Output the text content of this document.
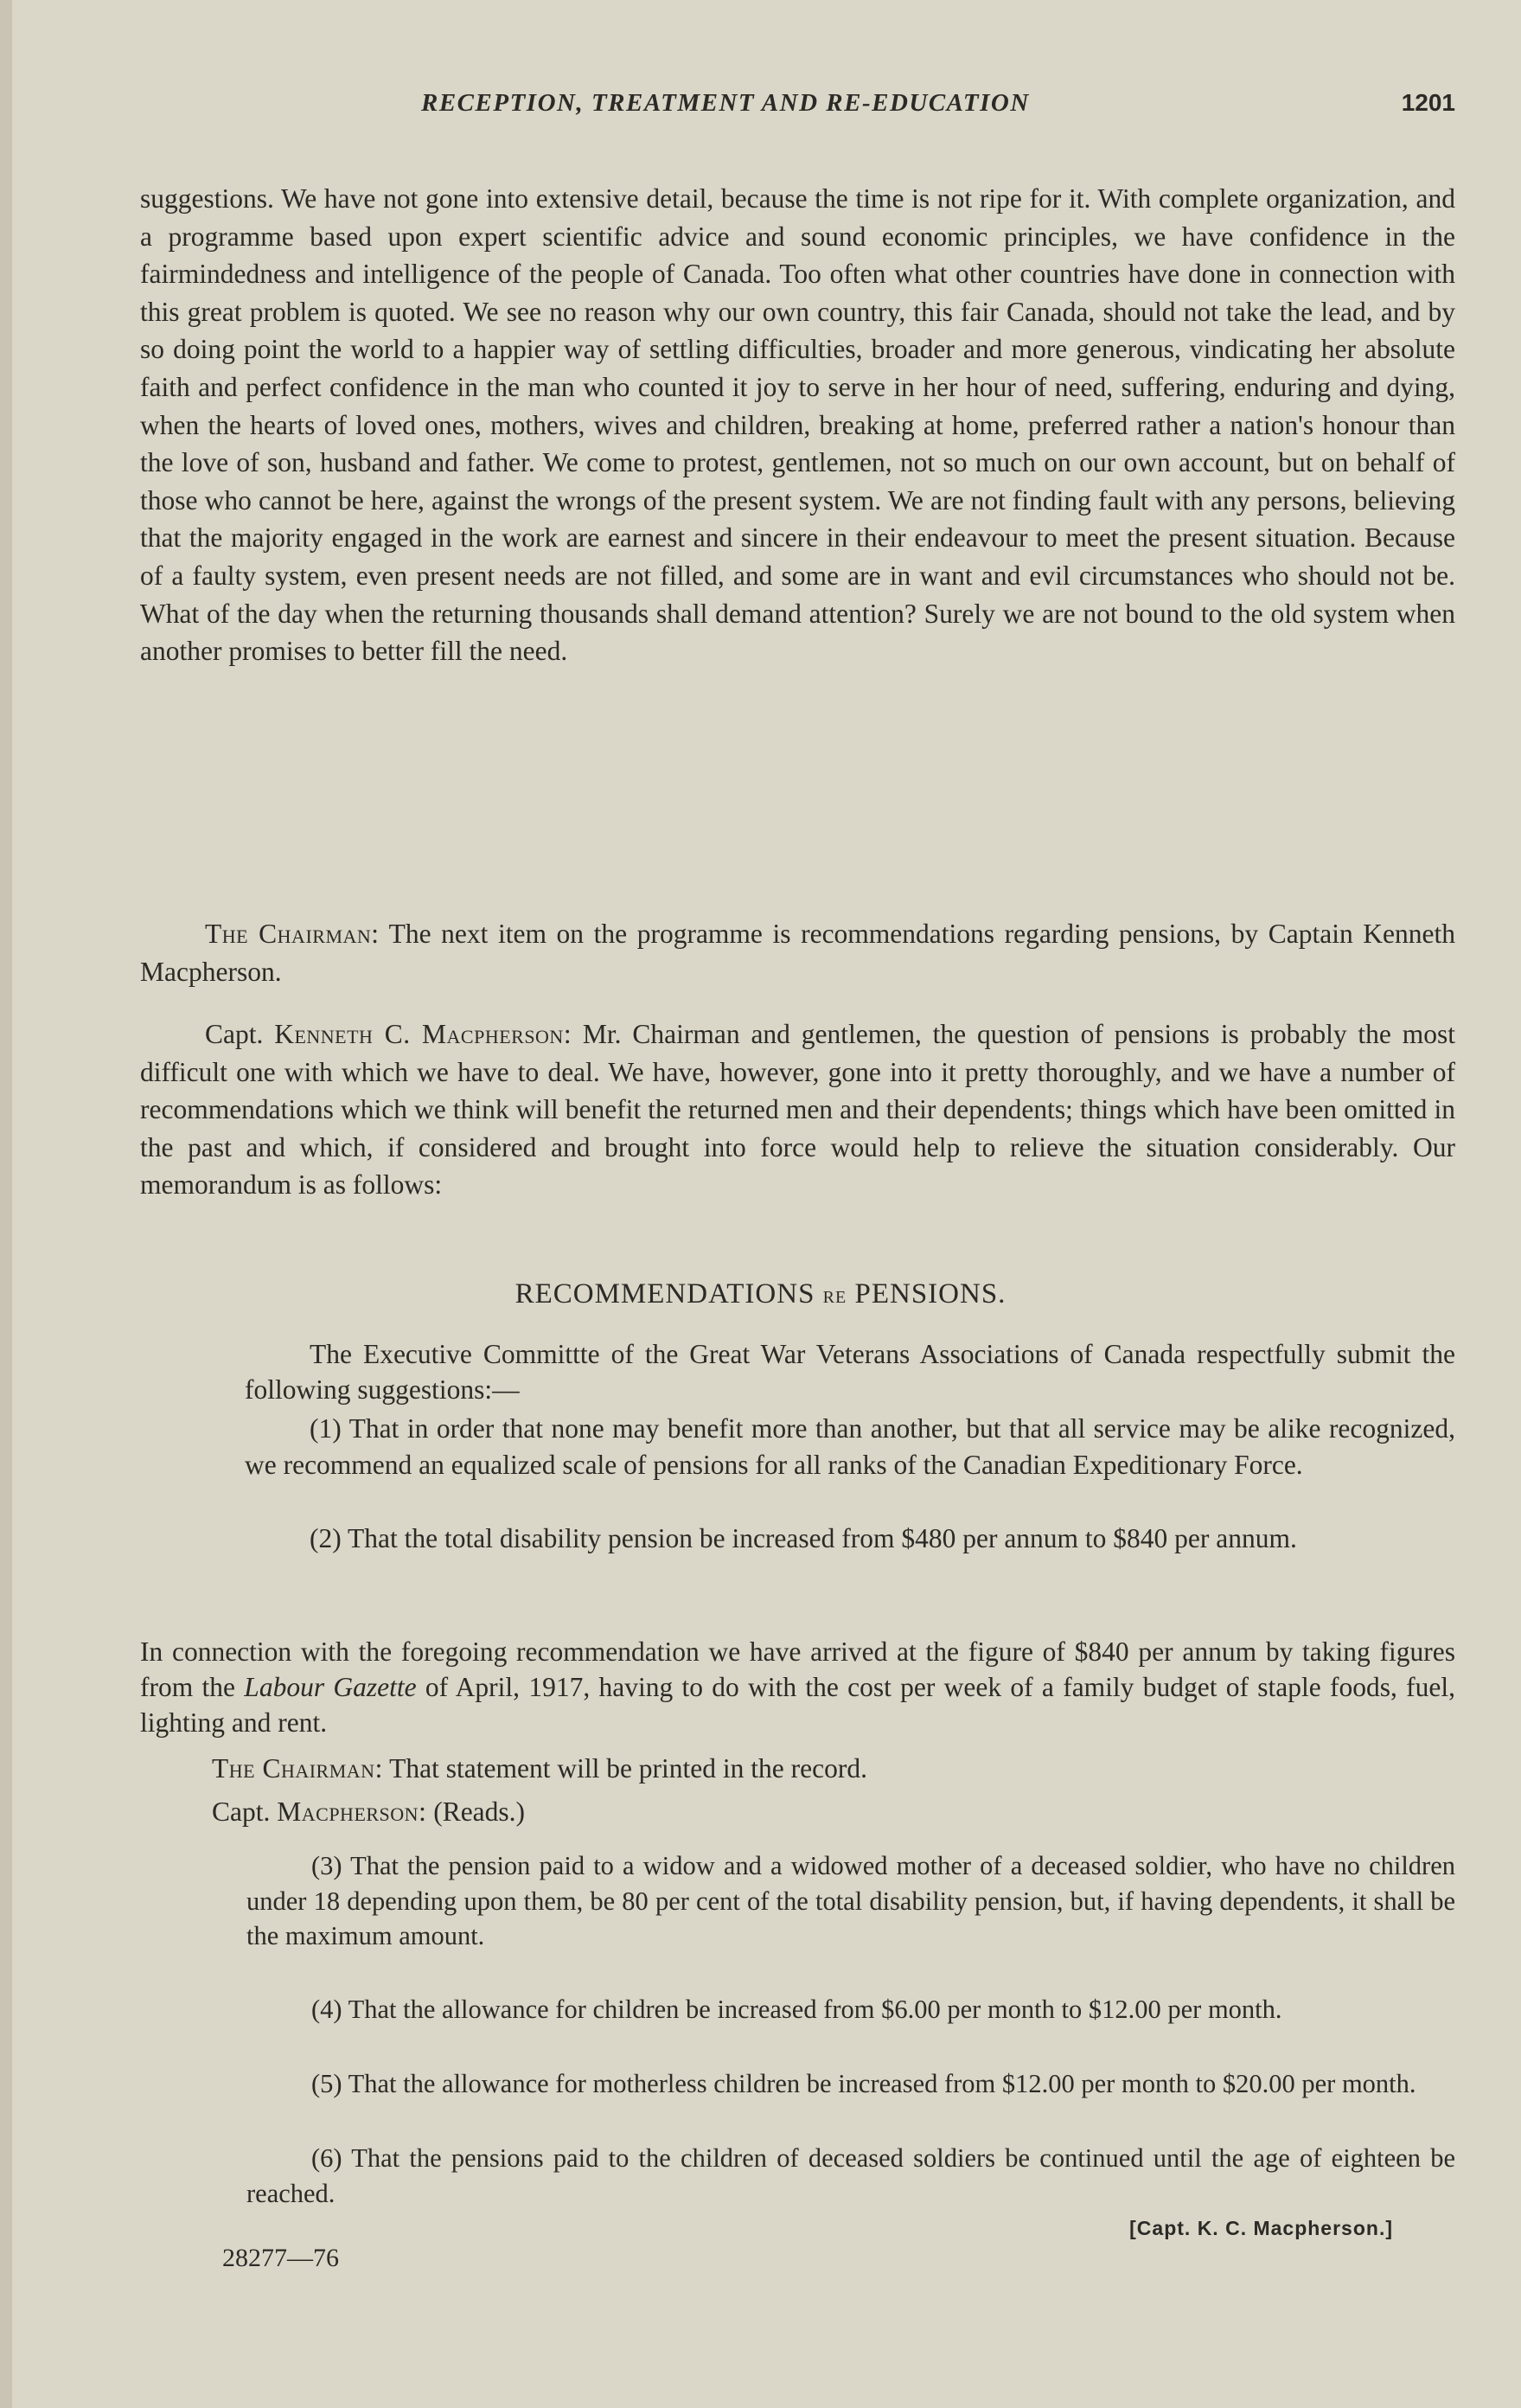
RECEPTION, TREATMENT AND RE-EDUCATION	1201

suggestions. We have not gone into extensive detail, because the time is not ripe for it. With complete organization, and a programme based upon expert scientific advice and sound economic principles, we have confidence in the fairmindedness and intelligence of the people of Canada. Too often what other countries have done in connection with this great problem is quoted. We see no reason why our own country, this fair Canada, should not take the lead, and by so doing point the world to a happier way of settling difficulties, broader and more generous, vindicating her absolute faith and perfect confidence in the man who counted it joy to serve in her hour of need, suffering, enduring and dying, when the hearts of loved ones, mothers, wives and children, breaking at home, preferred rather a nation's honour than the love of son, husband and father. We come to protest, gentlemen, not so much on our own account, but on behalf of those who cannot be here, against the wrongs of the present system. We are not finding fault with any persons, believing that the majority engaged in the work are earnest and sincere in their endeavour to meet the present situation. Because of a faulty system, even present needs are not filled, and some are in want and evil circumstances who should not be. What of the day when the returning thousands shall demand attention? Surely we are not bound to the old system when another promises to better fill the need.

The Chairman: The next item on the programme is recommendations regarding pensions, by Captain Kenneth Macpherson.

Capt. Kenneth C. Macpherson: Mr. Chairman and gentlemen, the question of pensions is probably the most difficult one with which we have to deal. We have, however, gone into it pretty thoroughly, and we have a number of recommendations which we think will benefit the returned men and their dependents; things which have been omitted in the past and which, if considered and brought into force would help to relieve the situation considerably. Our memorandum is as follows:

RECOMMENDATIONS RE PENSIONS.

The Executive Committte of the Great War Veterans Associations of Canada respectfully submit the following suggestions:—

(1) That in order that none may benefit more than another, but that all service may be alike recognized, we recommend an equalized scale of pensions for all ranks of the Canadian Expeditionary Force.

(2) That the total disability pension be increased from $480 per annum to $840 per annum.

In connection with the foregoing recommendation we have arrived at the figure of $840 per annum by taking figures from the Labour Gazette of April, 1917, having to do with the cost per week of a family budget of staple foods, fuel, lighting and rent.

The Chairman: That statement will be printed in the record.

Capt. Macpherson: (Reads.)

(3) That the pension paid to a widow and a widowed mother of a deceased soldier, who have no children under 18 depending upon them, be 80 per cent of the total disability pension, but, if having dependents, it shall be the maximum amount.

(4) That the allowance for children be increased from $6.00 per month to $12.00 per month.

(5) That the allowance for motherless children be increased from $12.00 per month to $20.00 per month.

(6) That the pensions paid to the children of deceased soldiers be continued until the age of eighteen be reached.

[Capt. K. C. Macpherson.]
28277—76
